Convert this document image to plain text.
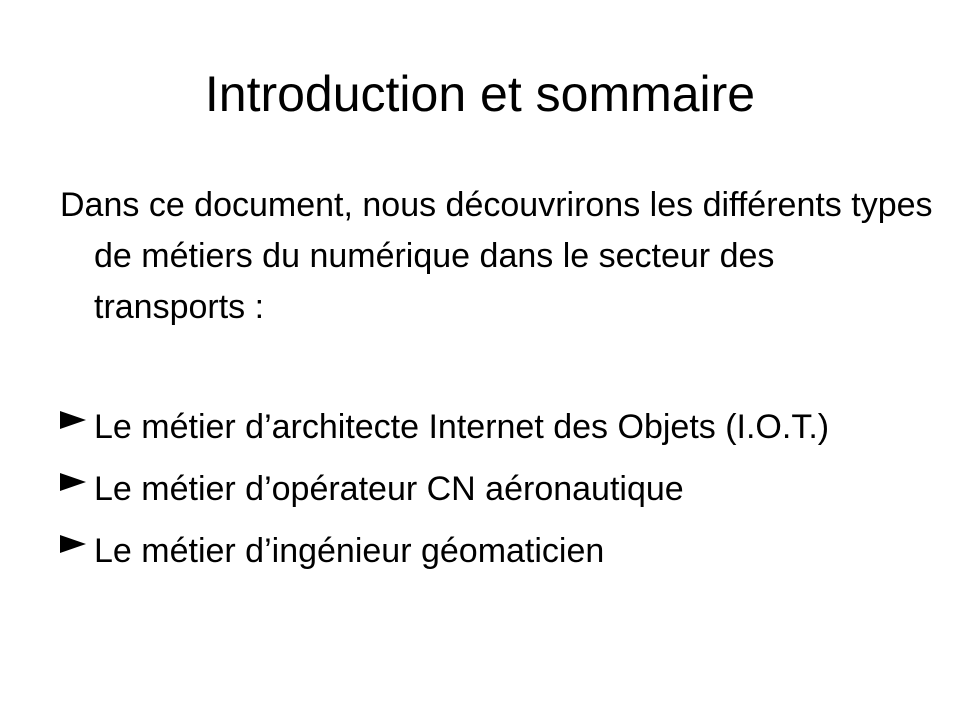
Introduction et sommaire

Dans ce document, nous découvrirons les différents types de métiers du numérique dans le secteur des transports :

Le métier d’architecte Internet des Objets (I.O.T.)
Le métier d’opérateur CN aéronautique
Le métier d’ingénieur géomaticien
